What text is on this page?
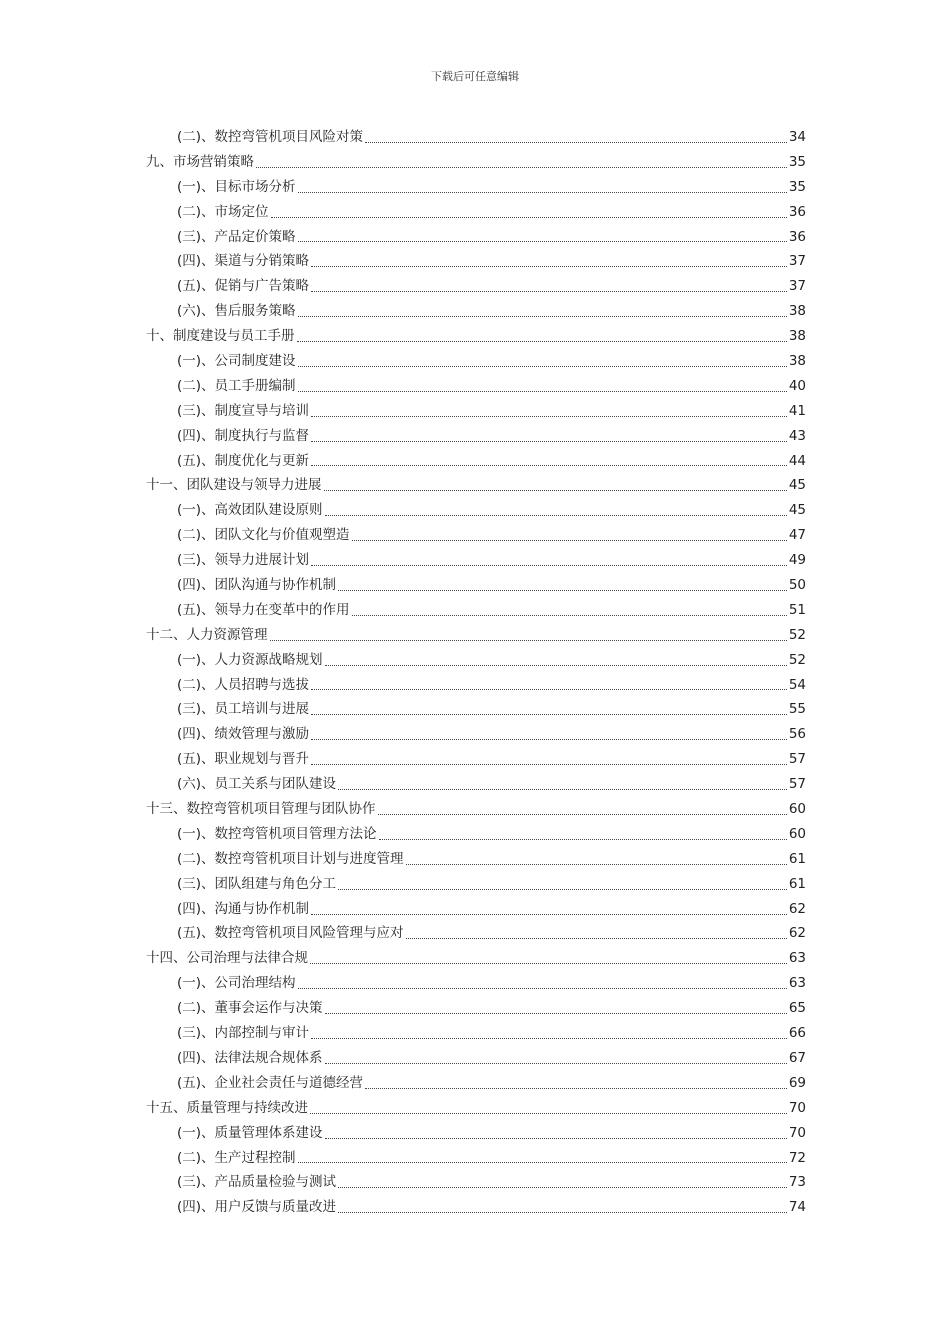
下载后可任意编辑
(二)、数控弯管机项目风险对策	34
九、市场营销策略	35
(一)、目标市场分析	35
(二)、市场定位	36
(三)、产品定价策略	36
(四)、渠道与分销策略	37
(五)、促销与广告策略	37
(六)、售后服务策略	38
十、制度建设与员工手册	38
(一)、公司制度建设	38
(二)、员工手册编制	40
(三)、制度宣导与培训	41
(四)、制度执行与监督	43
(五)、制度优化与更新	44
十一、团队建设与领导力进展	45
(一)、高效团队建设原则	45
(二)、团队文化与价值观塑造	47
(三)、领导力进展计划	49
(四)、团队沟通与协作机制	50
(五)、领导力在变革中的作用	51
十二、人力资源管理	52
(一)、人力资源战略规划	52
(二)、人员招聘与选拔	54
(三)、员工培训与进展	55
(四)、绩效管理与激励	56
(五)、职业规划与晋升	57
(六)、员工关系与团队建设	57
十三、数控弯管机项目管理与团队协作	60
(一)、数控弯管机项目管理方法论	60
(二)、数控弯管机项目计划与进度管理	61
(三)、团队组建与角色分工	61
(四)、沟通与协作机制	62
(五)、数控弯管机项目风险管理与应对	62
十四、公司治理与法律合规	63
(一)、公司治理结构	63
(二)、董事会运作与决策	65
(三)、内部控制与审计	66
(四)、法律法规合规体系	67
(五)、企业社会责任与道德经营	69
十五、质量管理与持续改进	70
(一)、质量管理体系建设	70
(二)、生产过程控制	72
(三)、产品质量检验与测试	73
(四)、用户反馈与质量改进	74
